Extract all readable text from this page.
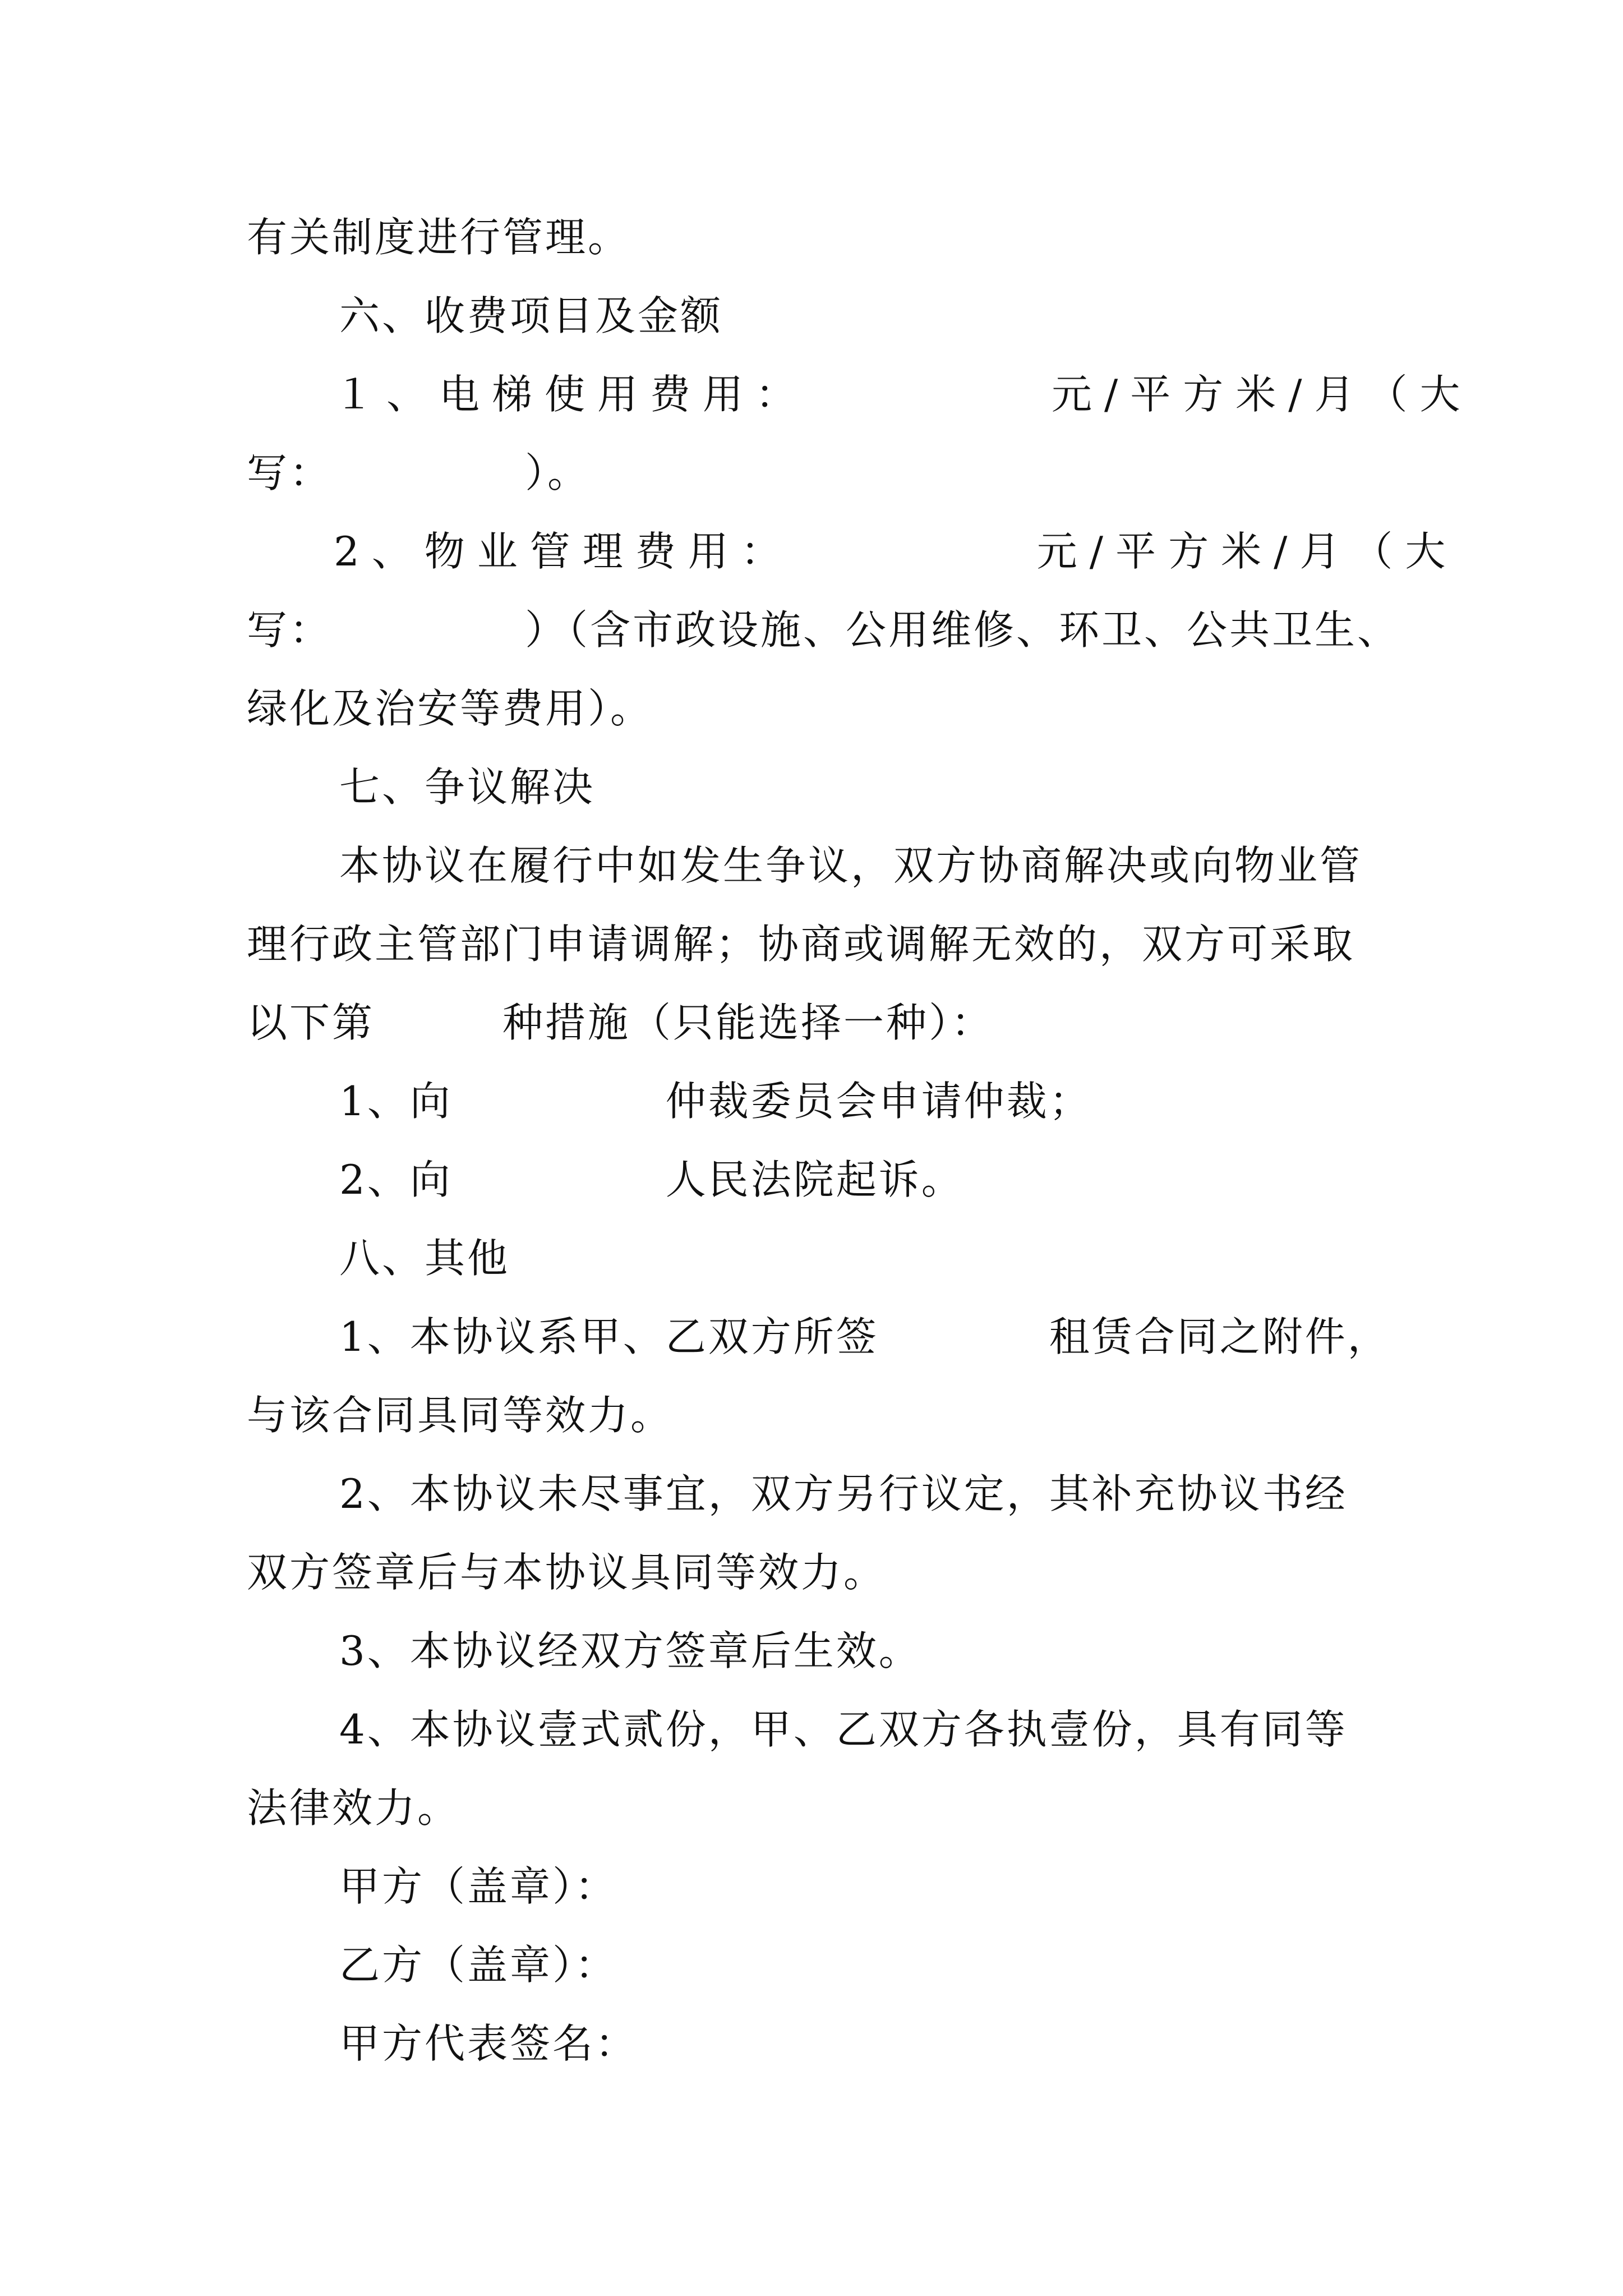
有关制度进行管理。
六、收费项目及金额
１、电梯使用费用：　　　　　元/平方米/月（大
写：　　　　　）。
2、物业管理费用：　　　　　元/平方米/月（大
写：　　　　　）（含市政设施、公用维修、环卫、公共卫生、
绿化及治安等费用）。
七、争议解决
本协议在履行中如发生争议，双方协商解决或向物业管
理行政主管部门申请调解；协商或调解无效的，双方可采取
以下第　　　种措施（只能选择一种）：
1、向　　　　　仲裁委员会申请仲裁；
2、向　　　　　人民法院起诉。
八、其他
1、本协议系甲、乙双方所签　　　　租赁合同之附件，
与该合同具同等效力。
2、本协议未尽事宜，双方另行议定，其补充协议书经
双方签章后与本协议具同等效力。
3、本协议经双方签章后生效。
4、本协议壹式贰份，甲、乙双方各执壹份，具有同等
法律效力。
甲方（盖章）：
乙方（盖章）：
甲方代表签名：
